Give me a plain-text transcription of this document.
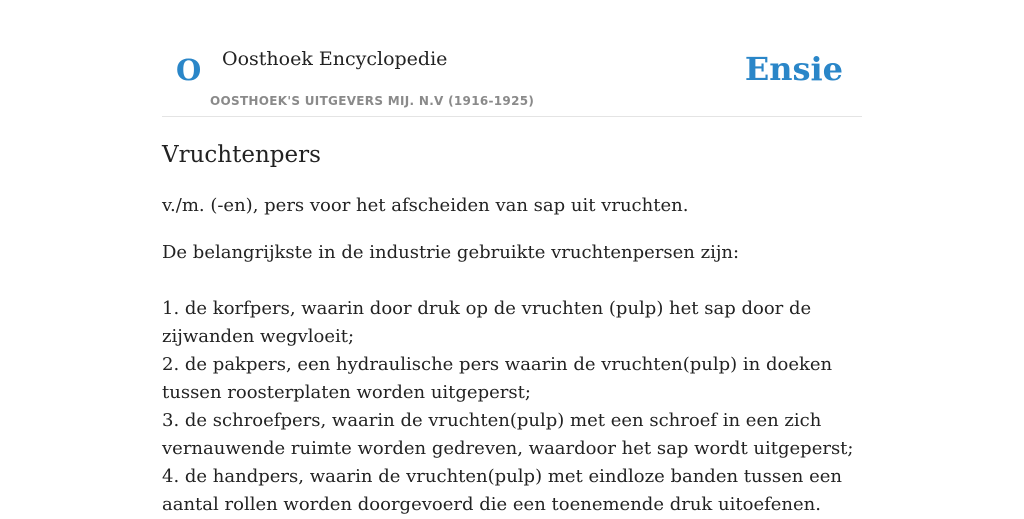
O Oosthoek Encyclopedie
OOSTHOEK'S UITGEVERS MIJ. N.V (1916-1925)
Ensie
Vruchtenpers

v./m. (-en), pers voor het afscheiden van sap uit vruchten.

De belangrijkste in de industrie gebruikte vruchtenpersen zijn:

1. de korfpers, waarin door druk op de vruchten (pulp) het sap door de zijwanden wegvloeit;
2. de pakpers, een hydraulische pers waarin de vruchten(pulp) in doeken tussen roosterplaten worden uitgeperst;
3. de schroefpers, waarin de vruchten(pulp) met een schroef in een zich vernauwende ruimte worden gedreven, waardoor het sap wordt uitgeperst;
4. de handpers, waarin de vruchten(pulp) met eindloze banden tussen een aantal rollen worden doorgevoerd die een toenemende druk uitoefenen.
